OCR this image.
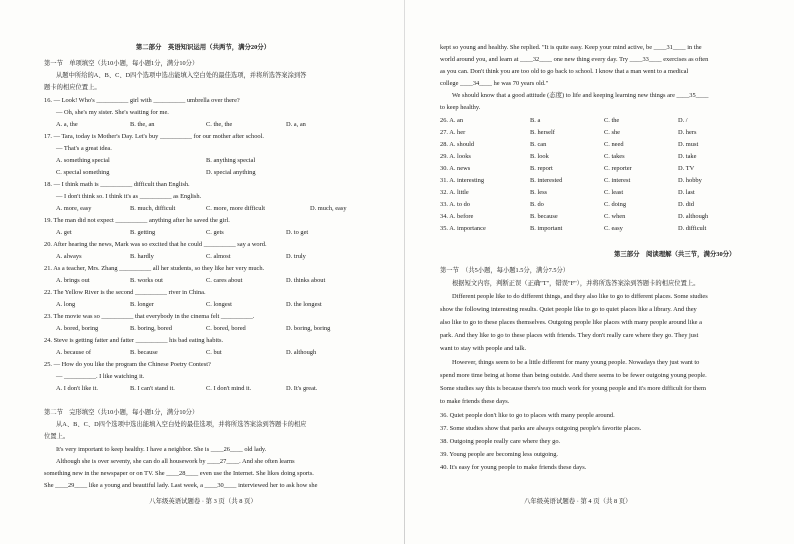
第二部分　英语知识运用（共两节，满分20分）
第一节　单项填空（共10小题，每小题1分，满分10分）
从题中所给的A、B、C、D四个选项中选出能填入空白处的最佳选项，并将所选答案涂到答
题卡的相应位置上。
16. — Look! Who's __________ girl with __________ umbrella over there?
— Oh, she's my sister. She's waiting for me.
A. a, the	B. the, an	C. the, the	D. a, an
17. — Tara, today is Mother's Day. Let's buy __________ for our mother after school.
— That's a great idea.
A. something special	B. anything special
C. special something	D. special anything
18. — I think math is __________ difficult than English.
— I don't think so. I think it's as __________ as English.
A. more, easy	B. much, difficult	C. more, more difficult	D. much, easy
19. The man did not expect __________ anything after he saved the girl.
A. get	B. getting	C. gets	D. to get
20. After hearing the news, Mark was so excited that he could __________ say a word.
A. always	B. hardly	C. almost	D. truly
21. As a teacher, Mrs. Zhang __________ all her students, so they like her very much.
A. brings out	B. works out	C. cares about	D. thinks about
22. The Yellow River is the second __________ river in China.
A. long	B. longer	C. longest	D. the longest
23. The movie was so __________ that everybody in the cinema felt __________.
A. bored, boring	B. boring, bored	C. bored, bored	D. boring, boring
24. Steve is getting fatter and fatter __________ his bad eating habits.
A. because of	B. because	C. but	D. although
25. — How do you like the program the Chinese Poetry Contest?
— __________. I like watching it.
A. I don't like it.	B. I can't stand it.	C. I don't mind it.	D. It's great.
第二节　完形填空（共10小题，每小题1分，满分10分）
从A、B、C、D四个选项中选出能填入空白处的最佳选项，并将所选答案涂到答题卡的相应
位置上。
It's very important to keep healthy. I have a neighbor. She is ____26____ old lady.
Although she is over seventy, she can do all housework by ____27____. And she often learns
something new in the newspaper or on TV. She ____28____ even use the Internet. She likes doing sports.
She ____29____ like a young and beautiful lady. Last week, a ____30____ interviewed her to ask how she
八年级英语试题卷 · 第 3 页（共 8 页）
kept so young and healthy. She replied. "It is quite easy. Keep your mind active, be ____31____ in the
world around you, and learn at ____32____ one new thing every day. Try ____33____ exercises as often
as you can. Don't think you are too old to go back to school. I know that a man went to a medical
college ____34____ he was 70 years old."
We should know that a good attitude (态度) to life and keeping learning new things are ____35____
to keep healthy.
26. A. an	B. a	C. the	D. /
27. A. her	B. herself	C. she	D. hers
28. A. should	B. can	C. need	D. must
29. A. looks	B. look	C. takes	D. take
30. A. news	B. report	C. reporter	D. TV
31. A. interesting	B. interested	C. interest	D. hobby
32. A. little	B. less	C. least	D. last
33. A. to do	B. do	C. doing	D. did
34. A. before	B. because	C. when	D. although
35. A. importance	B. important	C. easy	D. difficult
第三部分　阅读理解（共三节，满分30分）
第一节　（共5小题，每小题1.5分，满分7.5分）
根据短文内容，判断正误（正确"T"，错误"F"），并将所选答案涂到答题卡的相应位置上。
Different people like to do different things, and they also like to go to different places. Some studies
show the following interesting results. Quiet people like to go to quiet places like a library. And they
also like to go to these places themselves. Outgoing people like places with many people around like a
park. And they like to go to these places with friends. They don't really care where they go. They just
want to stay with people and talk.
However, things seem to be a little different for many young people. Nowadays they just want to
spend more time being at home than being outside. And there seems to be fewer outgoing young people.
Some studies say this is because there's too much work for young people and it's more difficult for them
to make friends these days.
36. Quiet people don't like to go to places with many people around.
37. Some studies show that parks are always outgoing people's favorite places.
38. Outgoing people really care where they go.
39. Young people are becoming less outgoing.
40. It's easy for young people to make friends these days.
八年级英语试题卷 · 第 4 页（共 8 页）
